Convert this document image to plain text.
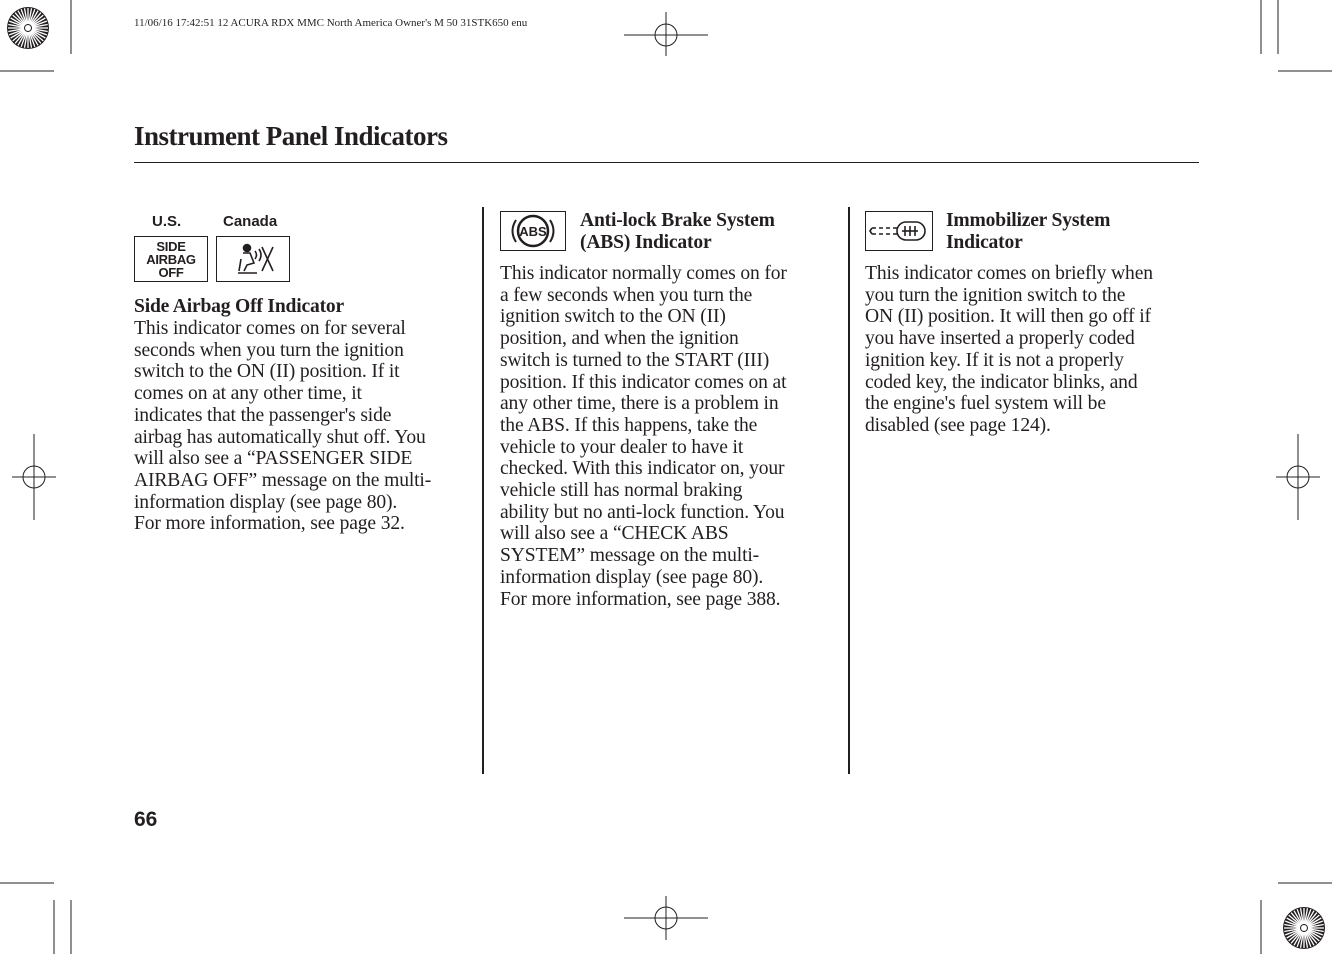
11/06/16 17:42:51 12 ACURA RDX MMC North America Owner's M 50 31STK650 enu
Instrument Panel Indicators
U.S.	Canada
SIDE
AIRBAG
OFF
Side Airbag Off Indicator
This indicator comes on for several
seconds when you turn the ignition
switch to the ON (II) position. If it
comes on at any other time, it
indicates that the passenger's side
airbag has automatically shut off. You
will also see a “PASSENGER SIDE
AIRBAG OFF” message on the multi-
information display (see page 80).
For more information, see page 32.
ABS
Anti-lock Brake System
(ABS) Indicator
This indicator normally comes on for
a few seconds when you turn the
ignition switch to the ON (II)
position, and when the ignition
switch is turned to the START (III)
position. If this indicator comes on at
any other time, there is a problem in
the ABS. If this happens, take the
vehicle to your dealer to have it
checked. With this indicator on, your
vehicle still has normal braking
ability but no anti-lock function. You
will also see a “CHECK ABS
SYSTEM” message on the multi-
information display (see page 80).
For more information, see page 388.
Immobilizer System
Indicator
This indicator comes on briefly when
you turn the ignition switch to the
ON (II) position. It will then go off if
you have inserted a properly coded
ignition key. If it is not a properly
coded key, the indicator blinks, and
the engine's fuel system will be
disabled (see page 124).
66
